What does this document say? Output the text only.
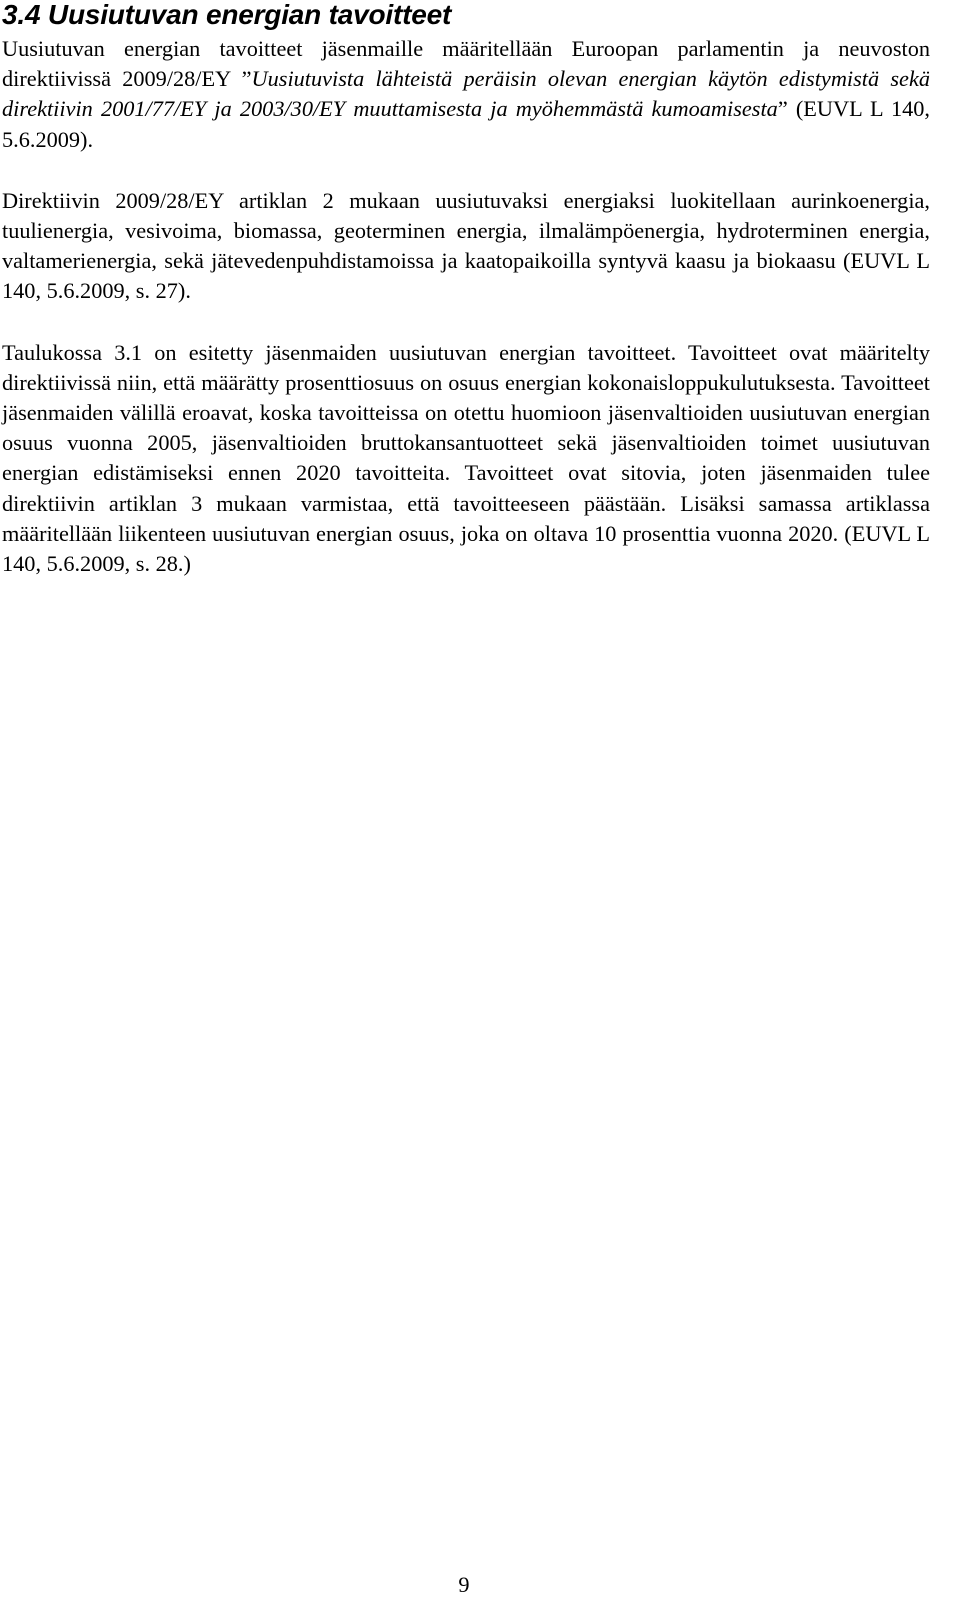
3.4 Uusiutuvan energian tavoitteet

Uusiutuvan energian tavoitteet jäsenmaille määritellään Euroopan parlamentin ja neuvoston direktiivissä 2009/28/EY ”Uusiutuvista lähteistä peräisin olevan energian käytön edistymistä sekä direktiivin 2001/77/EY ja 2003/30/EY muuttamisesta ja myöhemmästä kumoamisesta” (EUVL L 140, 5.6.2009).

Direktiivin 2009/28/EY artiklan 2 mukaan uusiutuvaksi energiaksi luokitellaan aurinkoenergia, tuulienergia, vesivoima, biomassa, geoterminen energia, ilmalämpöenergia, hydroterminen energia, valtamerienergia, sekä jätevedenpuhdistamoissa ja kaatopaikoilla syntyvä kaasu ja biokaasu (EUVL L 140, 5.6.2009, s. 27).

Taulukossa 3.1 on esitetty jäsenmaiden uusiutuvan energian tavoitteet. Tavoitteet ovat määritelty direktiivissä niin, että määrätty prosenttiosuus on osuus energian kokonaisloppukulutuksesta. Tavoitteet jäsenmaiden välillä eroavat, koska tavoitteissa on otettu huomioon jäsenvaltioiden uusiutuvan energian osuus vuonna 2005, jäsenvaltioiden bruttokansantuotteet sekä jäsenvaltioiden toimet uusiutuvan energian edistämiseksi ennen 2020 tavoitteita. Tavoitteet ovat sitovia, joten jäsenmaiden tulee direktiivin artiklan 3 mukaan varmistaa, että tavoitteeseen päästään. Lisäksi samassa artiklassa määritellään liikenteen uusiutuvan energian osuus, joka on oltava 10 prosenttia vuonna 2020. (EUVL L 140, 5.6.2009, s. 28.)

9
